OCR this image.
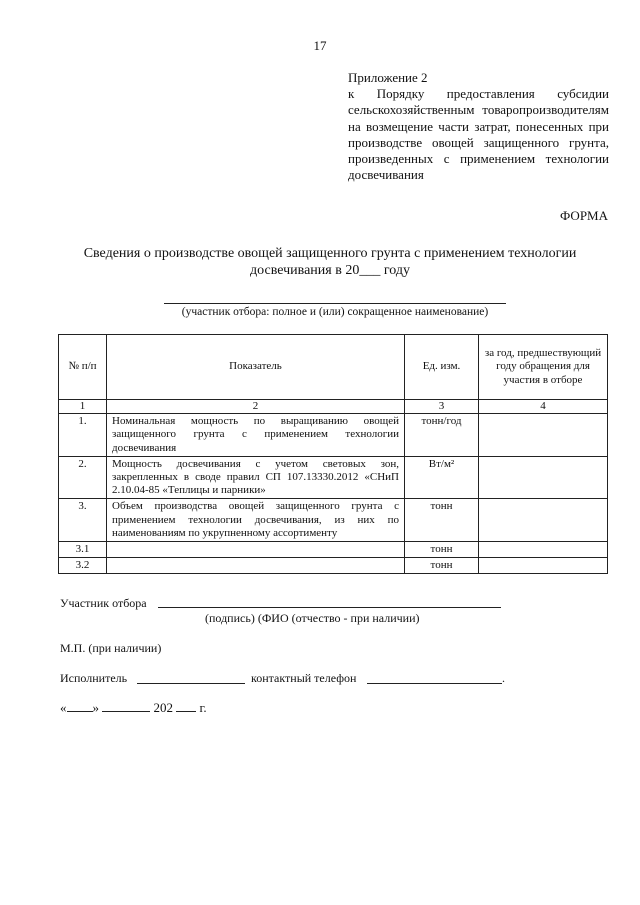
17
Приложение 2
к Порядку предоставления субсидии сельскохозяйственным товаропроизводителям на возмещение части затрат, понесенных при производстве овощей защищенного грунта, произведенных с применением технологии досвечивания
ФОРМА
Сведения о производстве овощей защищенного грунта с применением технологии
досвечивания в 20___ году
(участник отбора: полное и (или) сокращенное наименование)
№ п/п	Показатель	Ед. изм.	за год, предшествующий году обращения для участия в отборе
1	2	3	4
1.	Номинальная мощность по выращиванию овощей защищенного грунта с применением технологии досвечивания	тонн/год	
2.	Мощность досвечивания с учетом световых зон, закрепленных в своде правил СП 107.13330.2012 «СНиП 2.10.04-85 «Теплицы и парники»	Вт/м²	
3.	Объем производства овощей защищенного грунта с применением технологии досвечивания, из них по наименованиям по укрупненному ассортименту	тонн	
3.1		тонн	
3.2		тонн	
Участник отбора
(подпись) (ФИО (отчество - при наличии)
М.П. (при наличии)
Исполнитель	контактный телефон	.
« »	202 г.
